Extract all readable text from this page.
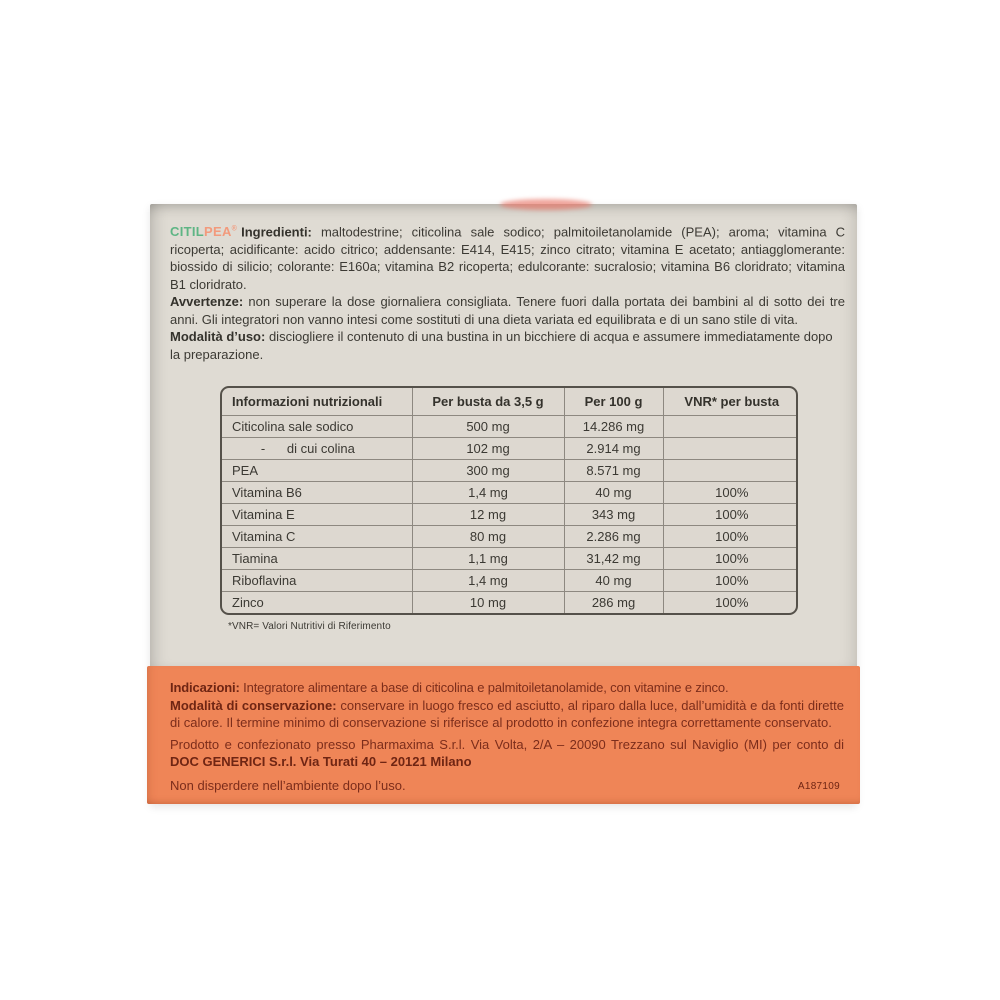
CITILPEA® Ingredienti: maltodestrine; citicolina sale sodico; palmitoiletanolamide (PEA); aroma; vitamina C ricoperta; acidificante: acido citrico; addensante: E414, E415; zinco citrato; vitamina E acetato; antiagglomerante: biossido di silicio; colorante: E160a; vitamina B2 ricoperta; edulcorante: sucralosio; vitamina B6 cloridrato; vitamina B1 cloridrato.

Avvertenze: non superare la dose giornaliera consigliata. Tenere fuori dalla portata dei bambini al di sotto dei tre anni. Gli integratori non vanno intesi come sostituti di una dieta variata ed equilibrata e di un sano stile di vita.

Modalità d’uso: disciogliere il contenuto di una bustina in un bicchiere di acqua e assumere immediatamente dopo la preparazione.

Informazioni nutrizionali	Per busta da 3,5 g	Per 100 g	VNR* per busta
Citicolina sale sodico	500 mg	14.286 mg	
-      di cui colina	102 mg	2.914 mg	
PEA	300 mg	8.571 mg	
Vitamina B6	1,4 mg	40 mg	100%
Vitamina E	12 mg	343 mg	100%
Vitamina C	80 mg	2.286 mg	100%
Tiamina	1,1 mg	31,42 mg	100%
Riboflavina	1,4 mg	40 mg	100%
Zinco	10 mg	286 mg	100%

*VNR= Valori Nutritivi di Riferimento

Indicazioni: Integratore alimentare a base di citicolina e palmitoiletanolamide, con vitamine e zinco.

Modalità di conservazione: conservare in luogo fresco ed asciutto, al riparo dalla luce, dall’umidità e da fonti dirette di calore. Il termine minimo di conservazione si riferisce al prodotto in confezione integra correttamente conservato.

Prodotto e confezionato presso Pharmaxima S.r.l. Via Volta, 2/A – 20090 Trezzano sul Naviglio (MI) per conto di DOC GENERICI S.r.l. Via Turati 40 – 20121 Milano

Non disperdere nell’ambiente dopo l’uso.	A187109
